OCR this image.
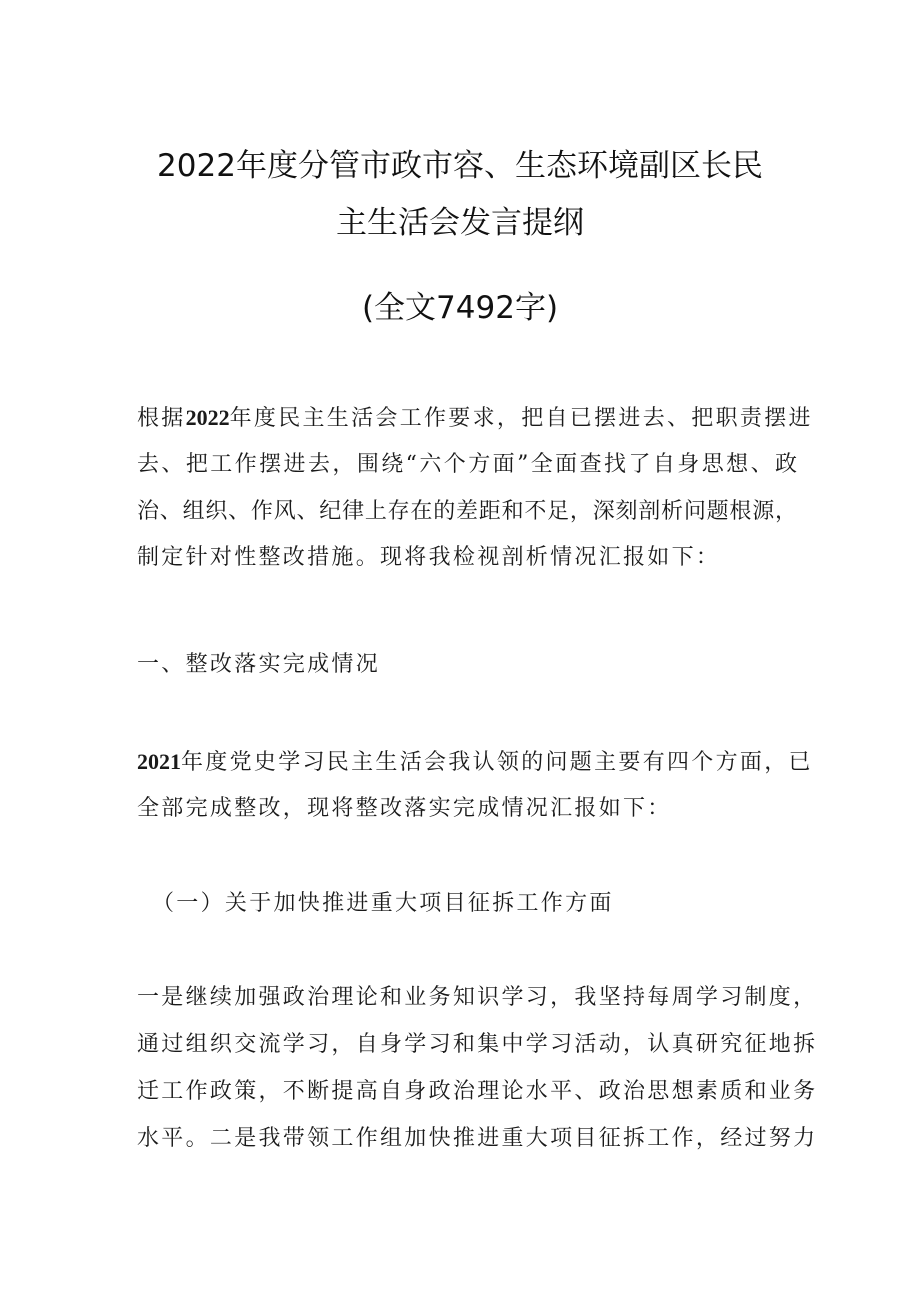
2022年度分管市政市容、生态环境副区长民
主生活会发言提纲
(全文7492字)
根据2022年度民主生活会工作要求，把自已摆进去、把职责摆进
去、把工作摆进去，围绕“六个方面”全面查找了自身思想、政
治、组织、作风、纪律上存在的差距和不足，深刻剖析问题根源，
制定针对性整改措施。现将我检视剖析情况汇报如下：
一、整改落实完成情况
2021年度党史学习民主生活会我认领的问题主要有四个方面，已
全部完成整改，现将整改落实完成情况汇报如下：
（一）关于加快推进重大项目征拆工作方面
一是继续加强政治理论和业务知识学习，我坚持每周学习制度，
通过组织交流学习，自身学习和集中学习活动，认真研究征地拆
迁工作政策，不断提高自身政治理论水平、政治思想素质和业务
水平。二是我带领工作组加快推进重大项目征拆工作，经过努力
